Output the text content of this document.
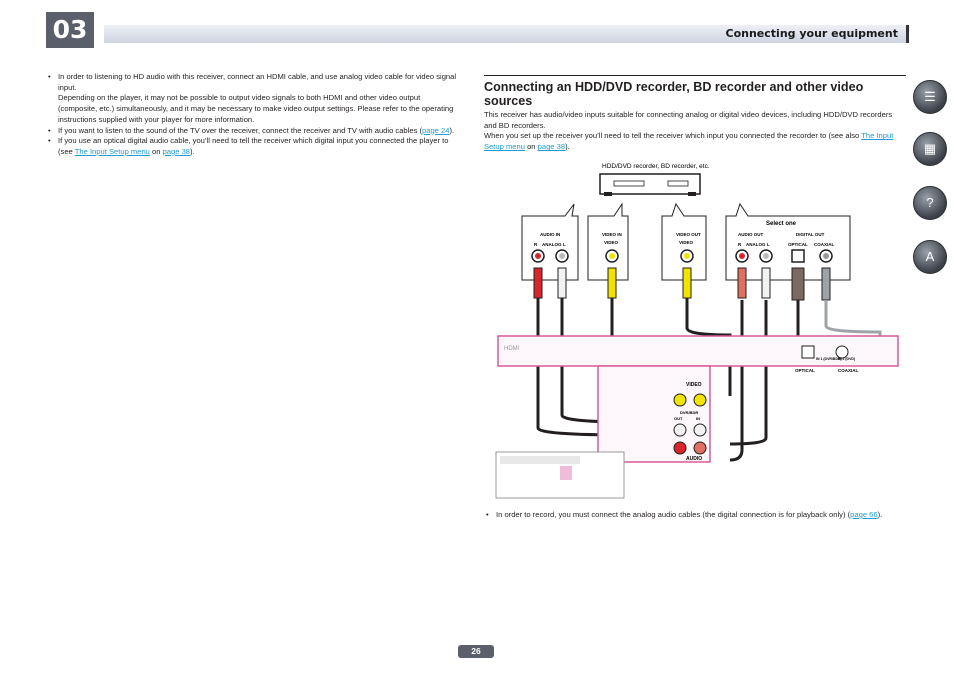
03	Connecting your equipment
• In order to listening to HD audio with this receiver, connect an HDMI cable, and use analog video cable for video signal input.
Depending on the player, it may not be possible to output video signals to both HDMI and other video output (composite, etc.) simultaneously, and it may be necessary to make video output settings. Please refer to the operating instructions supplied with your player for more information.
• If you want to listen to the sound of the TV over the receiver, connect the receiver and TV with audio cables (page 24).
• If you use an optical digital audio cable, you’ll need to tell the receiver which digital input you connected the player to (see The Input Setup menu on page 38).
Connecting an HDD/DVD recorder, BD recorder and other video sources
This receiver has audio/video inputs suitable for connecting analog or digital video devices, including HDD/DVD recorders and BD recorders.
When you set up the receiver you’ll need to tell the receiver which input you connected the recorder to (see also The Input Setup menu on page 38).
HDD/DVD recorder, BD recorder, etc.
AUDIO IN
R ANALOG L
VIDEO IN
VIDEO
VIDEO OUT
VIDEO
Select one
AUDIO OUT
R ANALOG L
DIGITAL OUT
OPTICAL COAXIAL
HDMI
VIDEO
DVR/BDR
OUT	IN
AUDIO
OPTICAL	COAXIAL
IN 1 (DVR/BDR)
IN 2 (DVD)
• In order to record, you must connect the analog audio cables (the digital connection is for playback only) (page 66).
26
☰
▦
?
A
